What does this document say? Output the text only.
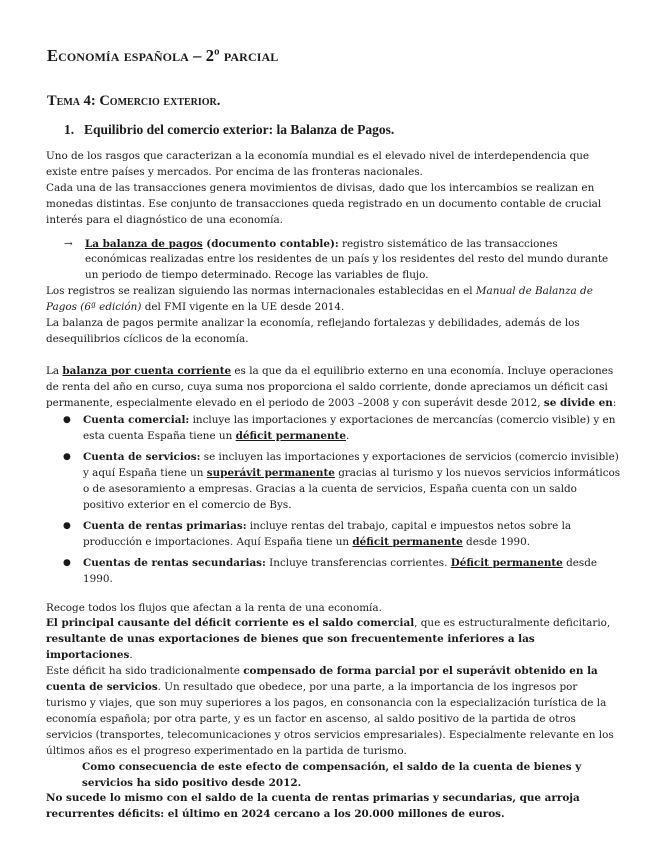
Economía española – 2º parcial
Tema 4: Comercio exterior.
1. Equilibrio del comercio exterior: la Balanza de Pagos.

Uno de los rasgos que caracterizan a la economía mundial es el elevado nivel de interdependencia que existe entre países y mercados. Por encima de las fronteras nacionales.

Cada una de las transacciones genera movimientos de divisas, dado que los intercambios se realizan en monedas distintas. Ese conjunto de transacciones queda registrado en un documento contable de crucial interés para el diagnóstico de una economía.

→ La balanza de pagos (documento contable): registro sistemático de las transacciones económicas realizadas entre los residentes de un país y los residentes del resto del mundo durante un periodo de tiempo determinado. Recoge las variables de flujo.

Los registros se realizan siguiendo las normas internacionales establecidas en el Manual de Balanza de Pagos (6ª edición) del FMI vigente en la UE desde 2014.

La balanza de pagos permite analizar la economía, reflejando fortalezas y debilidades, además de los desequilibrios cíclicos de la economía.

La balanza por cuenta corriente es la que da el equilibrio externo en una economía. Incluye operaciones de renta del año en curso, cuya suma nos proporciona el saldo corriente, donde apreciamos un déficit casi permanente, especialmente elevado en el periodo de 2003 –2008 y con superávit desde 2012, se divide en:

● Cuenta comercial: incluye las importaciones y exportaciones de mercancías (comercio visible) y en esta cuenta España tiene un déficit permanente.
● Cuenta de servicios: se incluyen las importaciones y exportaciones de servicios (comercio invisible) y aquí España tiene un superávit permanente gracias al turismo y los nuevos servicios informáticos o de asesoramiento a empresas. Gracias a la cuenta de servicios, España cuenta con un saldo positivo exterior en el comercio de Bys.
● Cuenta de rentas primarias: incluye rentas del trabajo, capital e impuestos netos sobre la producción e importaciones. Aquí España tiene un déficit permanente desde 1990.
● Cuentas de rentas secundarias: Incluye transferencias corrientes. Déficit permanente desde 1990.

Recoge todos los flujos que afectan a la renta de una economía.

El principal causante del déficit corriente es el saldo comercial, que es estructuralmente deficitario, resultante de unas exportaciones de bienes que son frecuentemente inferiores a las importaciones.

Este déficit ha sido tradicionalmente compensado de forma parcial por el superávit obtenido en la cuenta de servicios. Un resultado que obedece, por una parte, a la importancia de los ingresos por turismo y viajes, que son muy superiores a los pagos, en consonancia con la especialización turística de la economía española; por otra parte, y es un factor en ascenso, al saldo positivo de la partida de otros servicios (transportes, telecomunicaciones y otros servicios empresariales). Especialmente relevante en los últimos años es el progreso experimentado en la partida de turismo.

Como consecuencia de este efecto de compensación, el saldo de la cuenta de bienes y servicios ha sido positivo desde 2012.

No sucede lo mismo con el saldo de la cuenta de rentas primarias y secundarias, que arroja recurrentes déficits: el último en 2024 cercano a los 20.000 millones de euros.
